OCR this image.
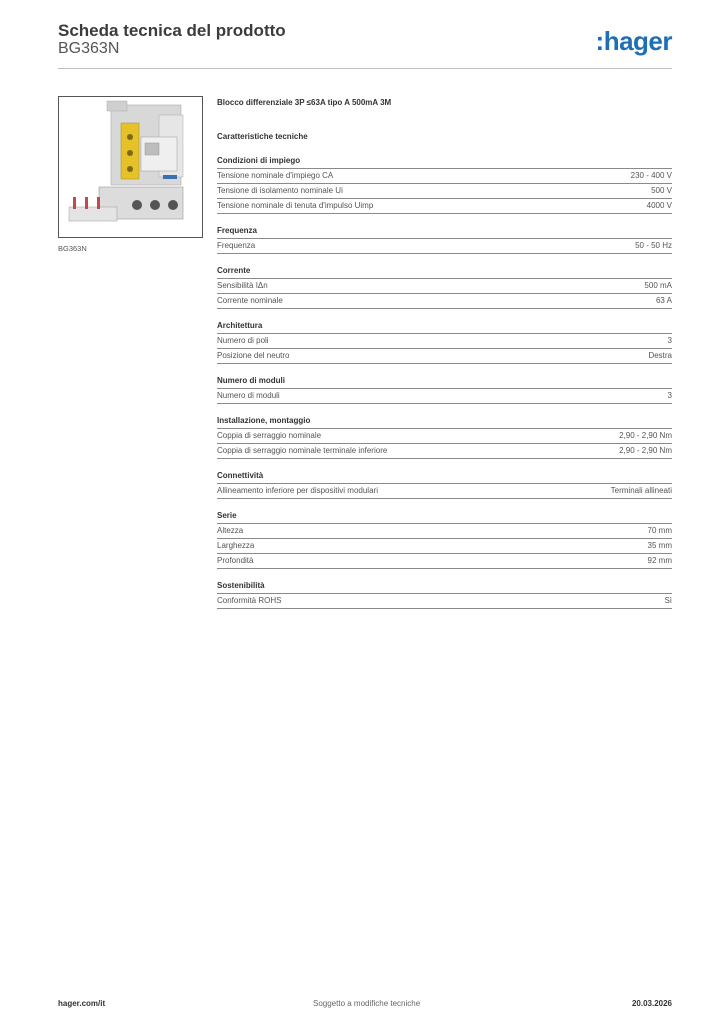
Scheda tecnica del prodotto
BG363N	:hager
BG363N
Blocco differenziale 3P ≤63A tipo A 500mA 3M
Caratteristiche tecniche
Condizioni di impiego
Tensione nominale d'impiego CA	230 - 400 V
Tensione di isolamento nominale Ui	500 V
Tensione nominale di tenuta d'impulso Uimp	4000 V
Frequenza
Frequenza	50 - 50 Hz
Corrente
Sensibilità IΔn	500 mA
Corrente nominale	63 A
Architettura
Numero di poli	3
Posizione del neutro	Destra
Numero di moduli
Numero di moduli	3
Installazione, montaggio
Coppia di serraggio nominale	2,90 - 2,90 Nm
Coppia di serraggio nominale terminale inferiore	2,90 - 2,90 Nm
Connettività
Allineamento inferiore per dispositivi modulari	Terminali allineati
Serie
Altezza	70 mm
Larghezza	35 mm
Profondità	92 mm
Sostenibilità
Conformità ROHS	Sì
hager.com/it	Soggetto a modifiche tecniche	20.03.2026
